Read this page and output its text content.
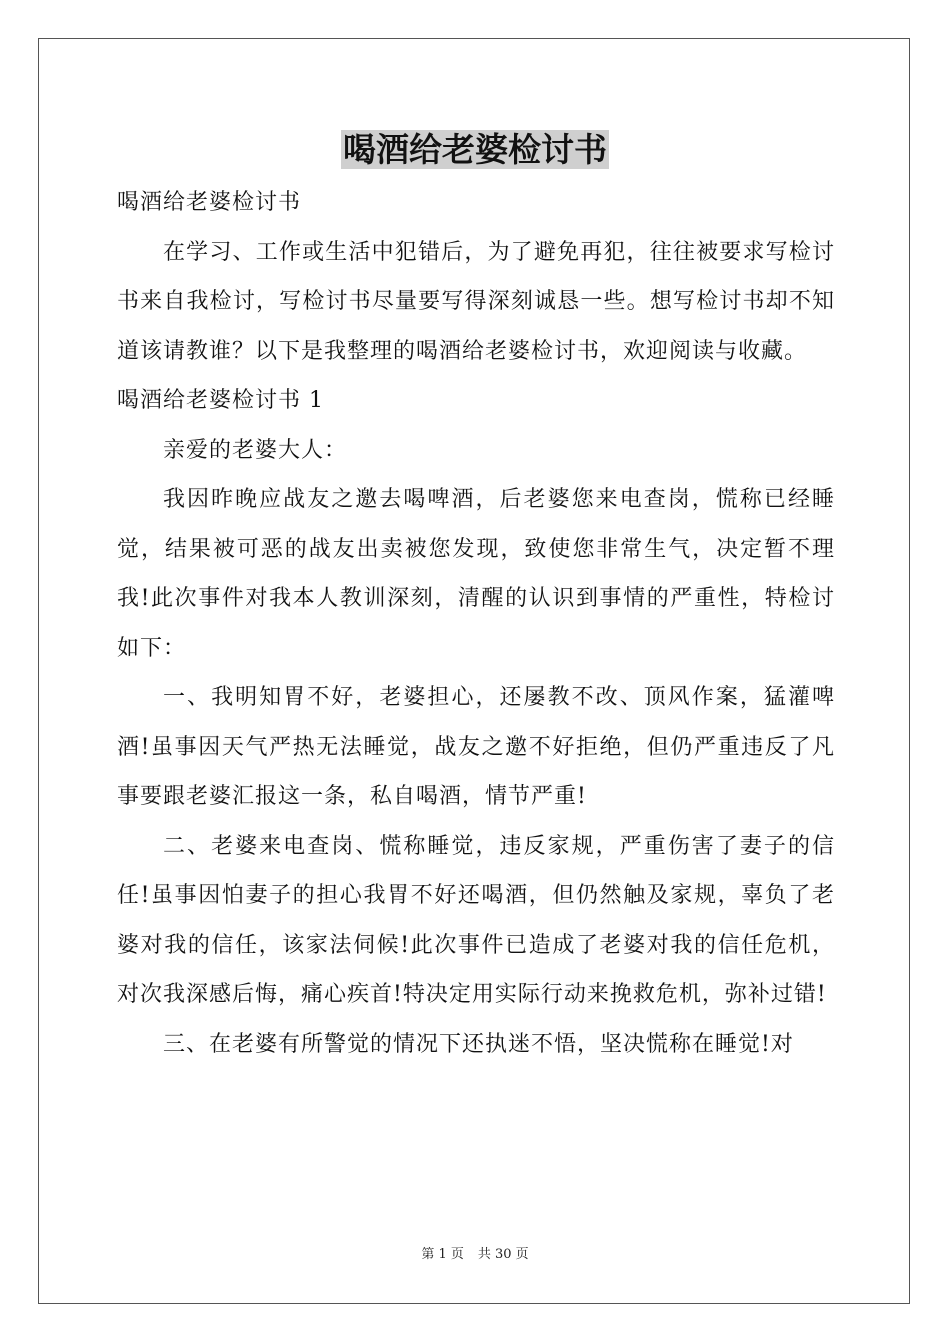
喝酒给老婆检讨书

喝酒给老婆检讨书

在学习、工作或生活中犯错后，为了避免再犯，往往被要求写检讨书来自我检讨，写检讨书尽量要写得深刻诚恳一些。想写检讨书却不知道该请教谁？以下是我整理的喝酒给老婆检讨书，欢迎阅读与收藏。

喝酒给老婆检讨书 1

亲爱的老婆大人：

我因昨晚应战友之邀去喝啤酒，后老婆您来电查岗，慌称已经睡觉，结果被可恶的战友出卖被您发现，致使您非常生气，决定暂不理我!此次事件对我本人教训深刻，清醒的认识到事情的严重性，特检讨如下：

一、我明知胃不好，老婆担心，还屡教不改、顶风作案，猛灌啤酒!虽事因天气严热无法睡觉，战友之邀不好拒绝，但仍严重违反了凡事要跟老婆汇报这一条，私自喝酒，情节严重!

二、老婆来电查岗、慌称睡觉，违反家规，严重伤害了妻子的信任!虽事因怕妻子的担心我胃不好还喝酒，但仍然触及家规，辜负了老婆对我的信任，该家法伺候!此次事件已造成了老婆对我的信任危机，对次我深感后悔，痛心疾首!特决定用实际行动来挽救危机，弥补过错!

三、在老婆有所警觉的情况下还执迷不悟，坚决慌称在睡觉!对

第 1 页 共 30 页
